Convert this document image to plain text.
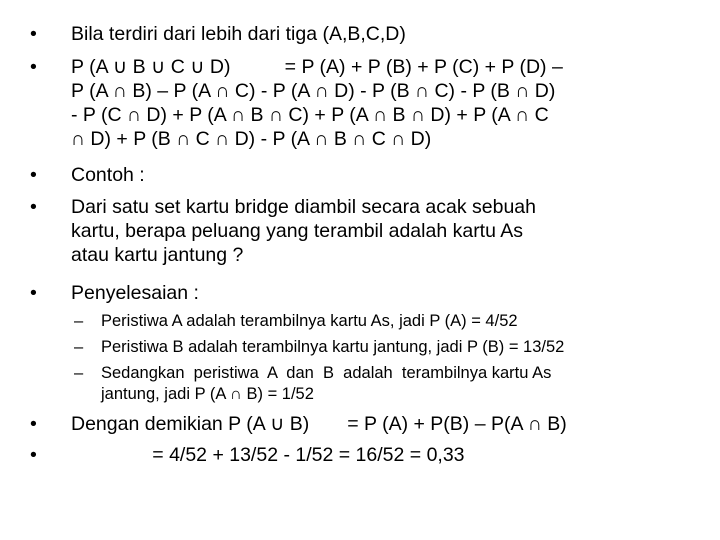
• Bila terdiri dari lebih dari tiga (A,B,C,D)
• P (A ∪ B ∪ C ∪ D)          = P (A) + P (B) + P (C) + P (D) –
P (A ∩ B) – P (A ∩ C) - P (A ∩ D) - P (B ∩ C) - P (B ∩ D)
- P (C ∩ D) + P (A ∩ B ∩ C) + P (A ∩ B ∩ D) + P (A ∩ C
∩ D) + P (B ∩ C ∩ D) - P (A ∩ B ∩ C ∩ D)
• Contoh :
• Dari satu set kartu bridge diambil secara acak sebuah
kartu, berapa peluang yang terambil adalah kartu As
atau kartu jantung ?
• Penyelesaian :
– Peristiwa A adalah terambilnya kartu As, jadi P (A) = 4/52
– Peristiwa B adalah terambilnya kartu jantung, jadi P (B) = 13/52
– Sedangkan  peristiwa  A  dan  B  adalah  terambilnya kartu As
jantung, jadi P (A ∩ B) = 1/52
• Dengan demikian P (A ∪ B)       = P (A) + P(B) – P(A ∩ B)
• = 4/52 + 13/52 - 1/52 = 16/52 = 0,33
